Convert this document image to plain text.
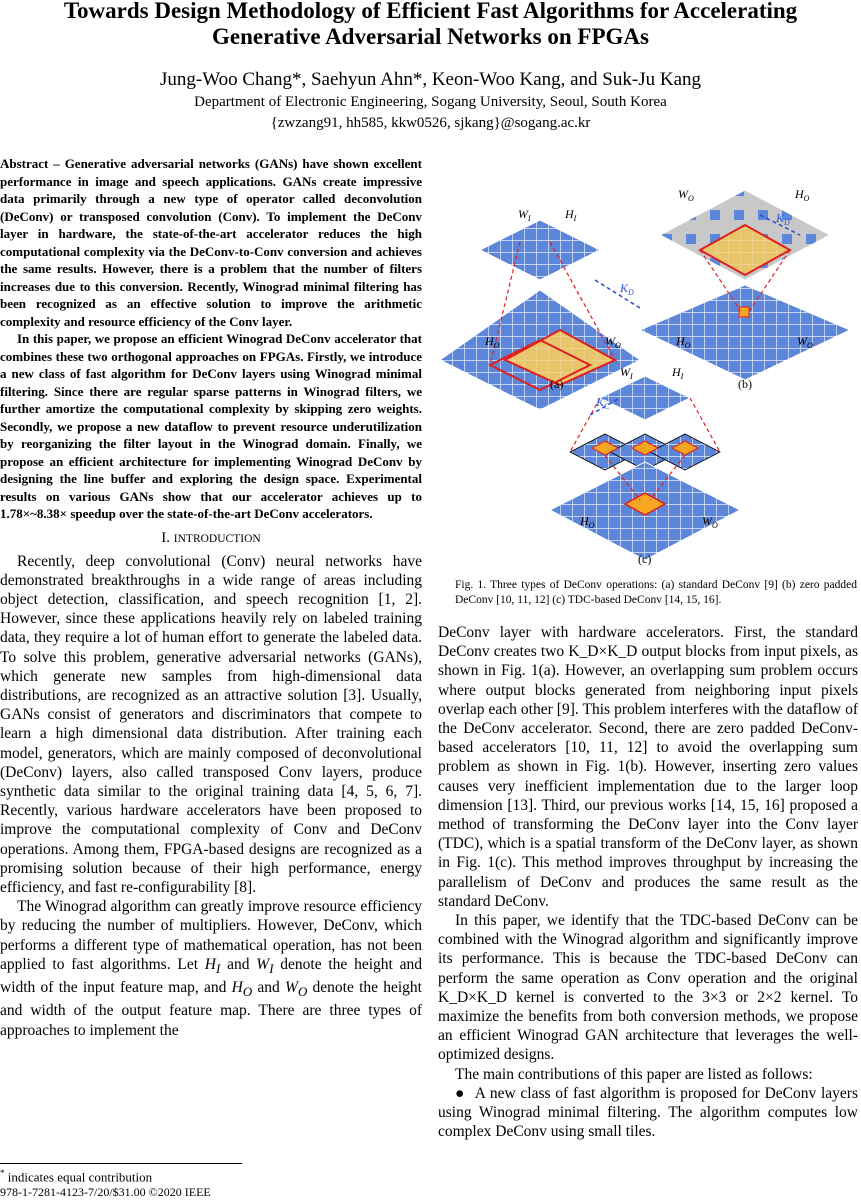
Towards Design Methodology of Efficient Fast Algorithms for Accelerating
Generative Adversarial Networks on FPGAs
Jung-Woo Chang*, Saehyun Ahn*, Keon-Woo Kang, and Suk-Ju Kang
Department of Electronic Engineering, Sogang University, Seoul, South Korea
{zwzang91, hh585, kkw0526, sjkang}@sogang.ac.kr

Abstract – Generative adversarial networks (GANs) have shown excellent performance in image and speech applications. GANs create impressive data primarily through a new type of operator called deconvolution (DeConv) or transposed convolution (Conv). To implement the DeConv layer in hardware, the state-of-the-art accelerator reduces the high computational complexity via the DeConv-to-Conv conversion and achieves the same results. However, there is a problem that the number of filters increases due to this conversion. Recently, Winograd minimal filtering has been recognized as an effective solution to improve the arithmetic complexity and resource efficiency of the Conv layer.

In this paper, we propose an efficient Winograd DeConv accelerator that combines these two orthogonal approaches on FPGAs. Firstly, we introduce a new class of fast algorithm for DeConv layers using Winograd minimal filtering. Since there are regular sparse patterns in Winograd filters, we further amortize the computational complexity by skipping zero weights. Secondly, we propose a new dataflow to prevent resource underutilization by reorganizing the filter layout in the Winograd domain. Finally, we propose an efficient architecture for implementing Winograd DeConv by designing the line buffer and exploring the design space. Experimental results on various GANs show that our accelerator achieves up to 1.78×~8.38× speedup over the state-of-the-art DeConv accelerators.

I. INTRODUCTION

Recently, deep convolutional (Conv) neural networks have demonstrated breakthroughs in a wide range of areas including object detection, classification, and speech recognition [1, 2]. However, since these applications heavily rely on labeled training data, they require a lot of human effort to generate the labeled data. To solve this problem, generative adversarial networks (GANs), which generate new samples from high-dimensional data distributions, are recognized as an attractive solution [3]. Usually, GANs consist of generators and discriminators that compete to learn a high dimensional data distribution. After training each model, generators, which are mainly composed of deconvolutional (DeConv) layers, also called transposed Conv layers, produce synthetic data similar to the original training data [4, 5, 6, 7]. Recently, various hardware accelerators have been proposed to improve the computational complexity of Conv and DeConv operations. Among them, FPGA-based designs are recognized as a promising solution because of their high performance, energy efficiency, and fast re-configurability [8].

The Winograd algorithm can greatly improve resource efficiency by reducing the number of multipliers. However, DeConv, which performs a different type of mathematical operation, has not been applied to fast algorithms. Let $H_I$ and $W_I$ denote the height and width of the input feature map, and $H_O$ and $W_O$ denote the height and width of the output feature map. There are three types of approaches to implement the

* indicates equal contribution
978-1-7281-4123-7/20/$31.00 ©2020 IEEE
$K_D$
$W_I$	$H_I$
$H_O$	$W_O$
(a)
$K_D$
$W_O$	$H_O$
$H_O$	$W_O$
(b)
$K_C$
$W_I$	$H_I$
$H_O$	$W_O$
(c)
Fig. 1. Three types of DeConv operations: (a) standard DeConv [9] (b) zero padded DeConv [10, 11, 12] (c) TDC-based DeConv [14, 15, 16].

DeConv layer with hardware accelerators. First, the standard DeConv creates two K_D×K_D output blocks from input pixels, as shown in Fig. 1(a). However, an overlapping sum problem occurs where output blocks generated from neighboring input pixels overlap each other [9]. This problem interferes with the dataflow of the DeConv accelerator. Second, there are zero padded DeConv-based accelerators [10, 11, 12] to avoid the overlapping sum problem as shown in Fig. 1(b). However, inserting zero values causes very inefficient implementation due to the larger loop dimension [13]. Third, our previous works [14, 15, 16] proposed a method of transforming the DeConv layer into the Conv layer (TDC), which is a spatial transform of the DeConv layer, as shown in Fig. 1(c). This method improves throughput by increasing the parallelism of DeConv and produces the same result as the standard DeConv.

In this paper, we identify that the TDC-based DeConv can be combined with the Winograd algorithm and significantly improve its performance. This is because the TDC-based DeConv can perform the same operation as Conv operation and the original K_D×K_D kernel is converted to the 3×3 or 2×2 kernel. To maximize the benefits from both conversion methods, we propose an efficient Winograd GAN architecture that leverages the well-optimized designs.

The main contributions of this paper are listed as follows:

● A new class of fast algorithm is proposed for DeConv layers using Winograd minimal filtering. The algorithm computes low complex DeConv using small tiles.
